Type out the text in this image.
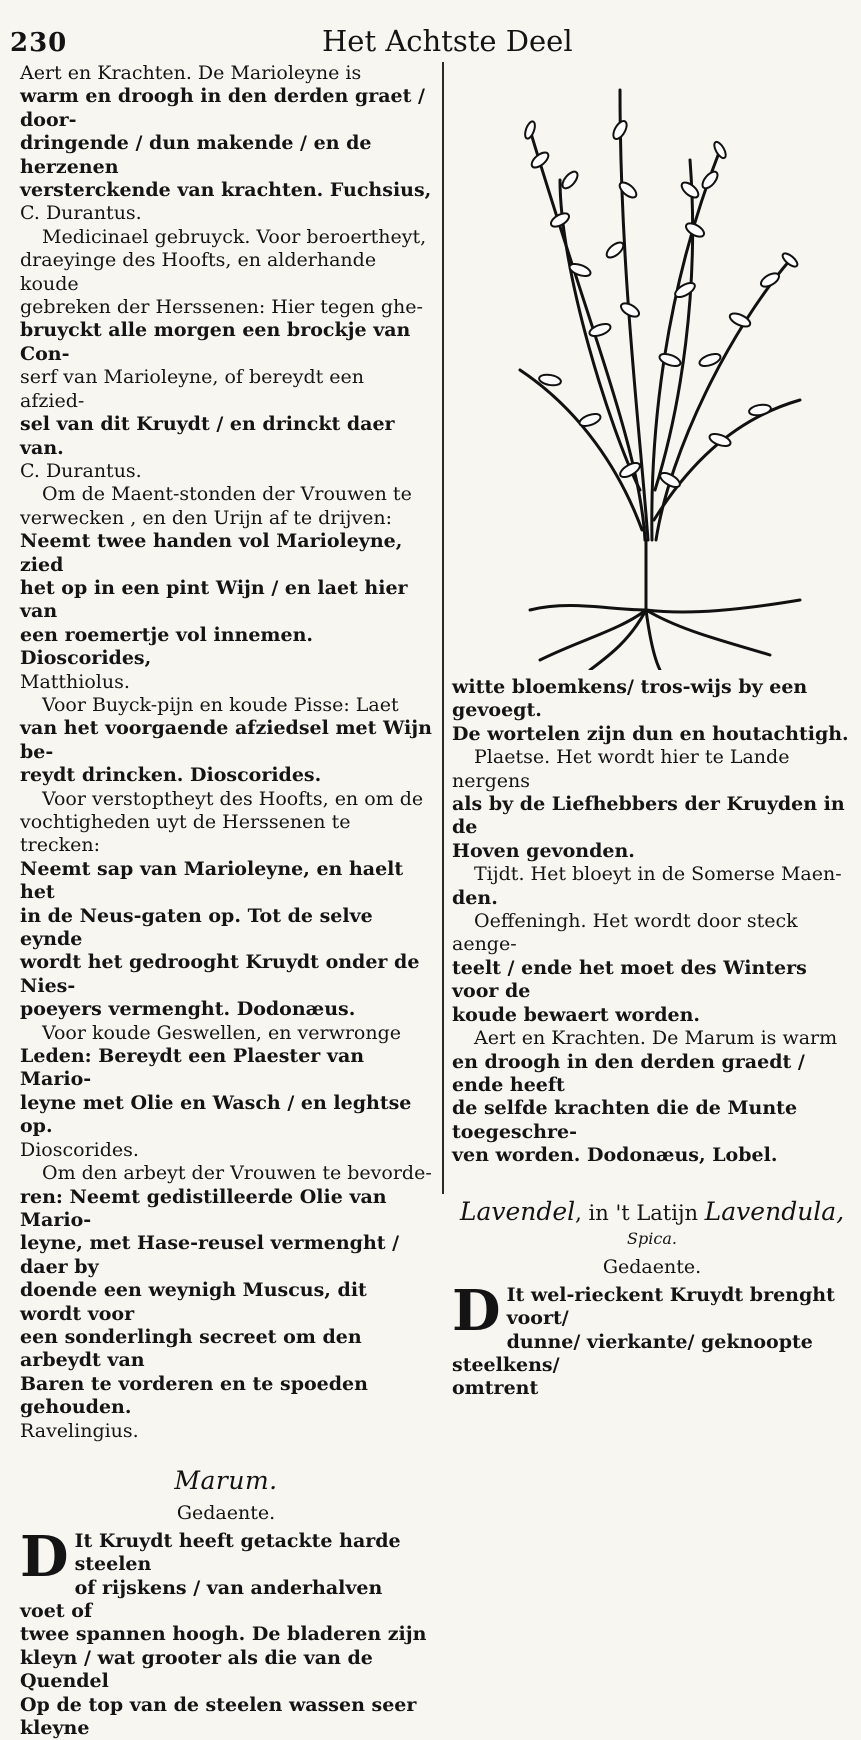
230	Het Achtste Deel

Aert en Krachten. De Marioleyne is
warm en droogh in den derden graet / door-
dringende / dun makende / en de herzenen
versterckende van krachten. Fuchsius,
C. Durantus.

Medicinael gebruyck. Voor beroertheyt,
draeyinge des Hoofts, en alderhande koude
gebreken der Herssenen: Hier tegen ghe-
bruyckt alle morgen een brockje van Con-
serf van Marioleyne, of bereydt een afzied-
sel van dit Kruydt / en drinckt daer van.
C. Durantus.

Om de Maent-stonden der Vrouwen te
verwecken , en den Urijn af te drijven:
Neemt twee handen vol Marioleyne, zied
het op in een pint Wijn / en laet hier van
een roemertje vol innemen. Dioscorides,
Matthiolus.

Voor Buyck-pijn en koude Pisse: Laet
van het voorgaende afziedsel met Wijn be-
reydt drincken. Dioscorides.

Voor verstoptheyt des Hoofts, en om de
vochtigheden uyt de Herssenen te trecken:
Neemt sap van Marioleyne, en haelt het
in de Neus-gaten op. Tot de selve eynde
wordt het gedrooght Kruydt onder de Nies-
poeyers vermenght. Dodonæus.

Voor koude Geswellen, en verwronge
Leden: Bereydt een Plaester van Mario-
leyne met Olie en Wasch / en leghtse op.
Dioscorides.

Om den arbeyt der Vrouwen te bevorde-
ren: Neemt gedistilleerde Olie van Mario-
leyne, met Hase-reusel vermenght / daer by
doende een weynigh Muscus, dit wordt voor
een sonderlingh secreet om den arbeydt van
Baren te vorderen en te spoeden gehouden.
Ravelingius.

Marum.
Gedaente.

D It Kruydt heeft getackte harde steelen
of rijskens / van anderhalven voet of
twee spannen hoogh. De bladeren zijn
kleyn / wat grooter als die van de Quendel
Op de top van de steelen wassen seer kleyne

witte bloemkens/ tros-wijs by een gevoegt.
De wortelen zijn dun en houtachtigh.

Plaetse. Het wordt hier te Lande nergens
als by de Liefhebbers der Kruyden in de
Hoven gevonden.

Tijdt. Het bloeyt in de Somerse Maen-
den.

Oeffeningh. Het wordt door steck aenge-
teelt / ende het moet des Winters voor de
koude bewaert worden.

Aert en Krachten. De Marum is warm
en droogh in den derden graedt / ende heeft
de selfde krachten die de Munte toegeschre-
ven worden. Dodonæus, Lobel.

Lavendel, in 't Latijn Lavendula,
Spica.
Gedaente.

D It wel-rieckent Kruydt brenght voort/
dunne/ vierkante/ geknoopte steelkens/
omtrent
